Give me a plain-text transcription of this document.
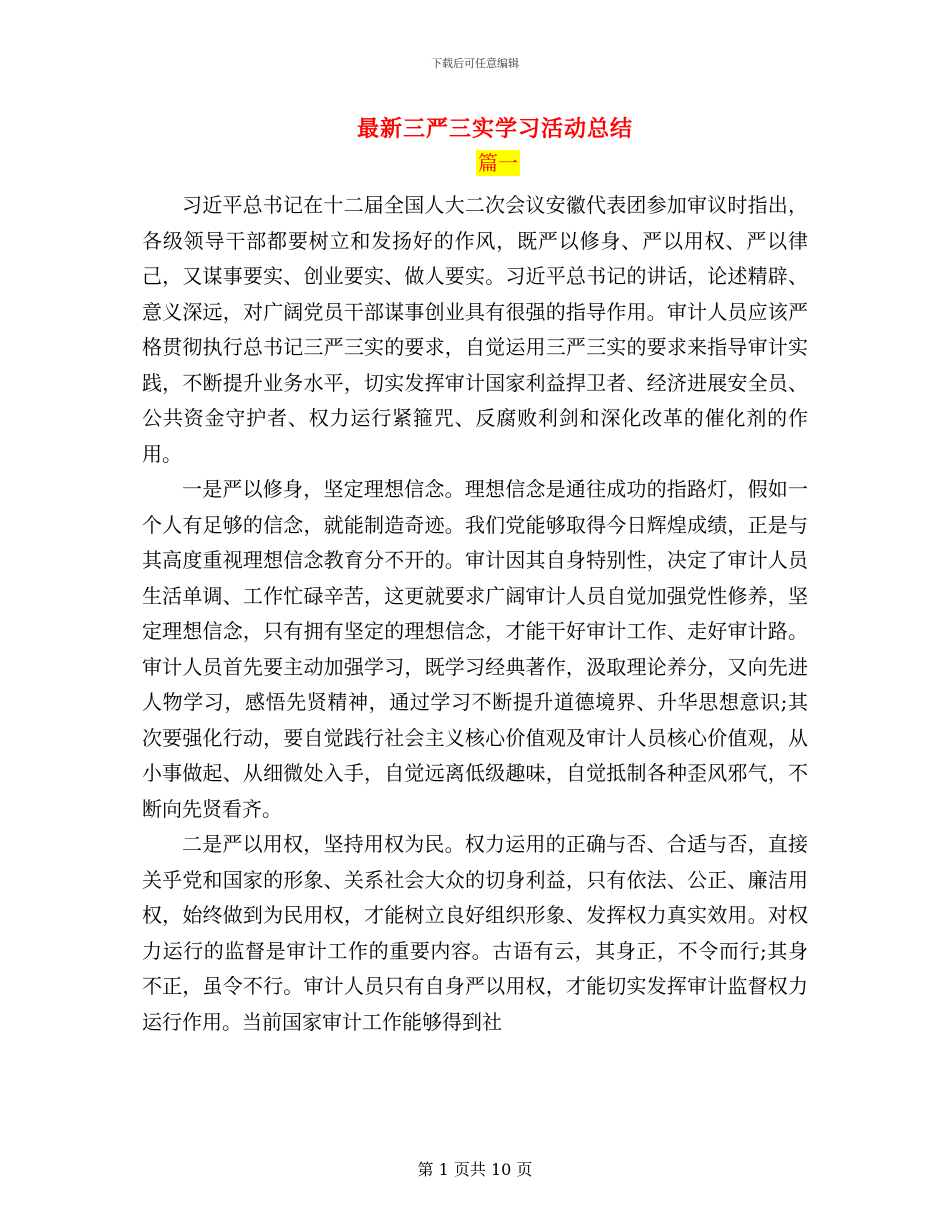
下载后可任意编辑
最新三严三实学习活动总结
篇一

习近平总书记在十二届全国人大二次会议安徽代表团参加审议时指出，各级领导干部都要树立和发扬好的作风，既严以修身、严以用权、严以律己，又谋事要实、创业要实、做人要实。习近平总书记的讲话，论述精辟、意义深远，对广阔党员干部谋事创业具有很强的指导作用。审计人员应该严格贯彻执行总书记三严三实的要求，自觉运用三严三实的要求来指导审计实践，不断提升业务水平，切实发挥审计国家利益捍卫者、经济进展安全员、公共资金守护者、权力运行紧箍咒、反腐败利剑和深化改革的催化剂的作用。

一是严以修身，坚定理想信念。理想信念是通往成功的指路灯，假如一个人有足够的信念，就能制造奇迹。我们党能够取得今日辉煌成绩，正是与其高度重视理想信念教育分不开的。审计因其自身特别性，决定了审计人员生活单调、工作忙碌辛苦，这更就要求广阔审计人员自觉加强党性修养，坚定理想信念，只有拥有坚定的理想信念，才能干好审计工作、走好审计路。审计人员首先要主动加强学习，既学习经典著作，汲取理论养分，又向先进人物学习，感悟先贤精神，通过学习不断提升道德境界、升华思想意识;其次要强化行动，要自觉践行社会主义核心价值观及审计人员核心价值观，从小事做起、从细微处入手，自觉远离低级趣味，自觉抵制各种歪风邪气，不断向先贤看齐。

二是严以用权，坚持用权为民。权力运用的正确与否、合适与否，直接关乎党和国家的形象、关系社会大众的切身利益，只有依法、公正、廉洁用权，始终做到为民用权，才能树立良好组织形象、发挥权力真实效用。对权力运行的监督是审计工作的重要内容。古语有云，其身正，不令而行;其身不正，虽令不行。审计人员只有自身严以用权，才能切实发挥审计监督权力运行作用。当前国家审计工作能够得到社

第 1 页共 10 页
